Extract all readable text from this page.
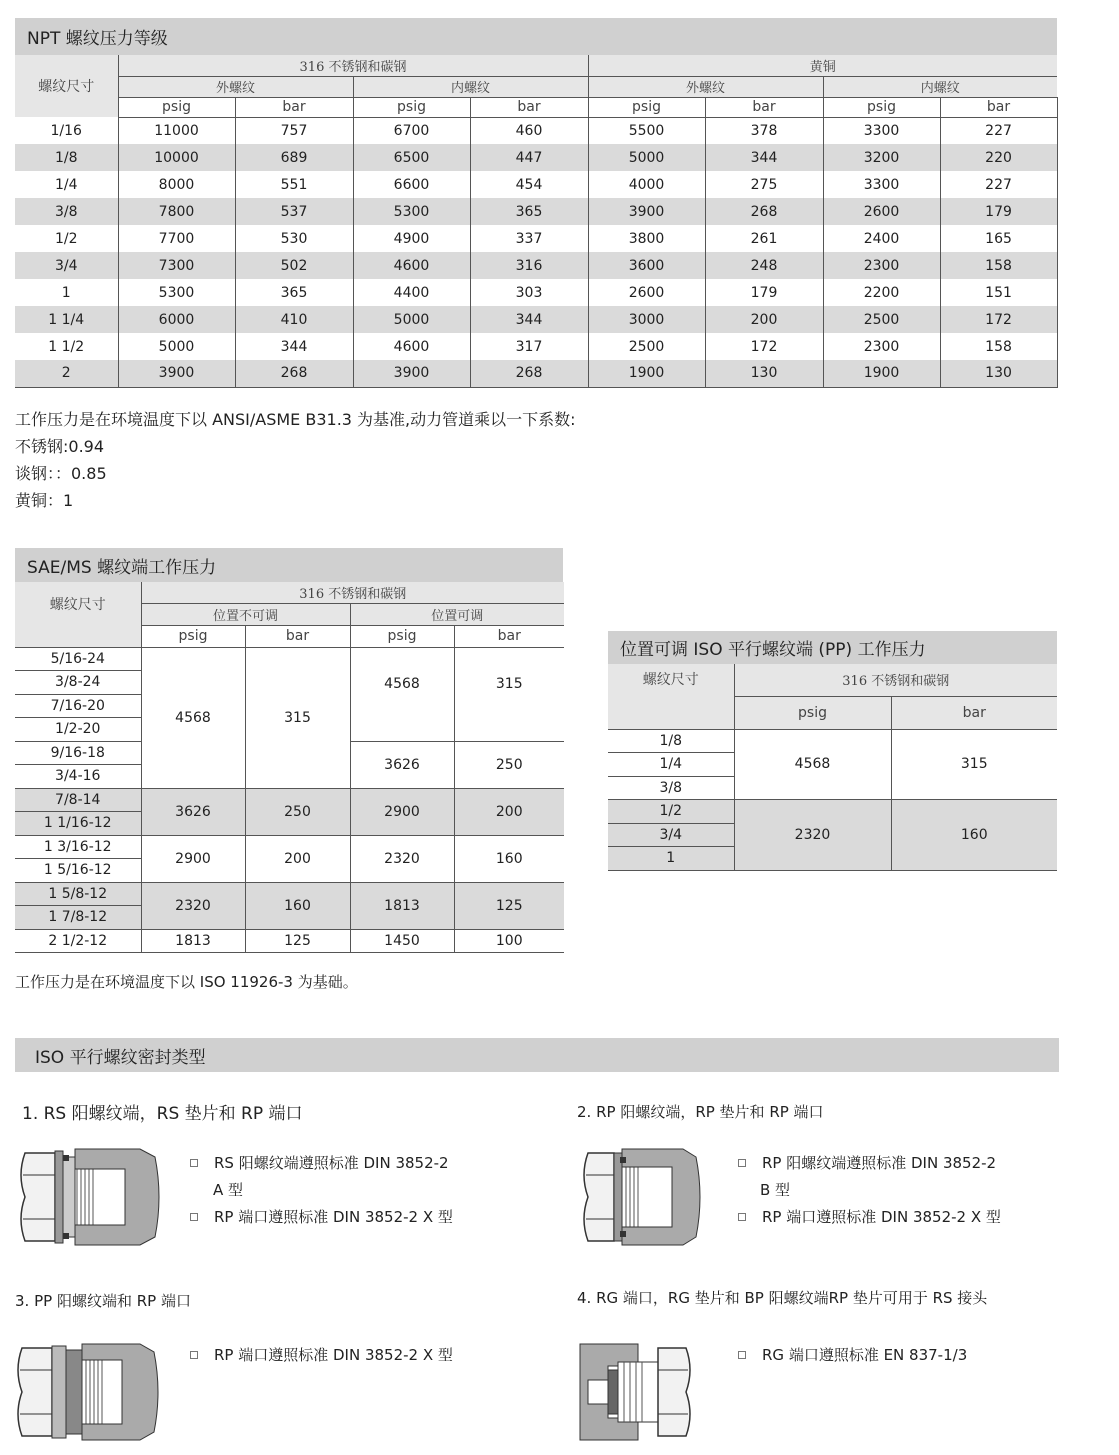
NPT 螺纹压力等级
螺纹尺寸	316 不锈钢和碳钢				黄铜			
	外螺纹		内螺纹		外螺纹		内螺纹	
	psig	bar	psig	bar	psig	bar	psig	bar
1/16	11000	757	6700	460	5500	378	3300	227
1/8	10000	689	6500	447	5000	344	3200	220
1/4	8000	551	6600	454	4000	275	3300	227
3/8	7800	537	5300	365	3900	268	2600	179
1/2	7700	530	4900	337	3800	261	2400	165
3/4	7300	502	4600	316	3600	248	2300	158
1	5300	365	4400	303	2600	179	2200	151
1 1/4	6000	410	5000	344	3000	200	2500	172
1 1/2	5000	344	4600	317	2500	172	2300	158
2	3900	268	3900	268	1900	130	1900	130
工作压力是在环境温度下以 ANSI/ASME B31.3 为基准,动力管道乘以一下系数:
不锈钢:0.94
谈钢：：0.85
黄铜：1
SAE/MS 螺纹端工作压力
螺纹尺寸	316 不锈钢和碳钢			
	位置不可调		位置可调	
	psig	bar	psig	bar
5/16-24	4568	315	4568	315
3/8-24				
7/16-20				
1/2-20				
9/16-18			3626	250
3/4-16				
7/8-14	3626	250	2900	200
1 1/16-12				
1 3/16-12	2900	200	2320	160
1 5/16-12				
1 5/8-12	2320	160	1813	125
1 7/8-12				
2 1/2-12	1813	125	1450	100
工作压力是在环境温度下以 ISO 11926-3 为基础。
位置可调 ISO 平行螺纹端 (PP) 工作压力
螺纹尺寸	316 不锈钢和碳钢	
	psig	bar
1/8	4568	315
1/4		
3/8		
1/2	2320	160
3/4		
1		
ISO 平行螺纹密封类型
1. RS 阳螺纹端，RS 垫片和 RP 端口
RS 阳螺纹端遵照标准 DIN 3852-2
A 型
RP 端口遵照标准 DIN 3852-2 X 型
2. RP 阳螺纹端，RP 垫片和 RP 端口
RP 阳螺纹端遵照标准 DIN 3852-2
B 型
RP 端口遵照标准 DIN 3852-2 X 型
3. PP 阳螺纹端和 RP 端口
RP 端口遵照标准 DIN 3852-2 X 型
4. RG 端口，RG 垫片和 BP 阳螺纹端RP 垫片可用于 RS 接头
RG 端口遵照标准 EN 837-1/3
